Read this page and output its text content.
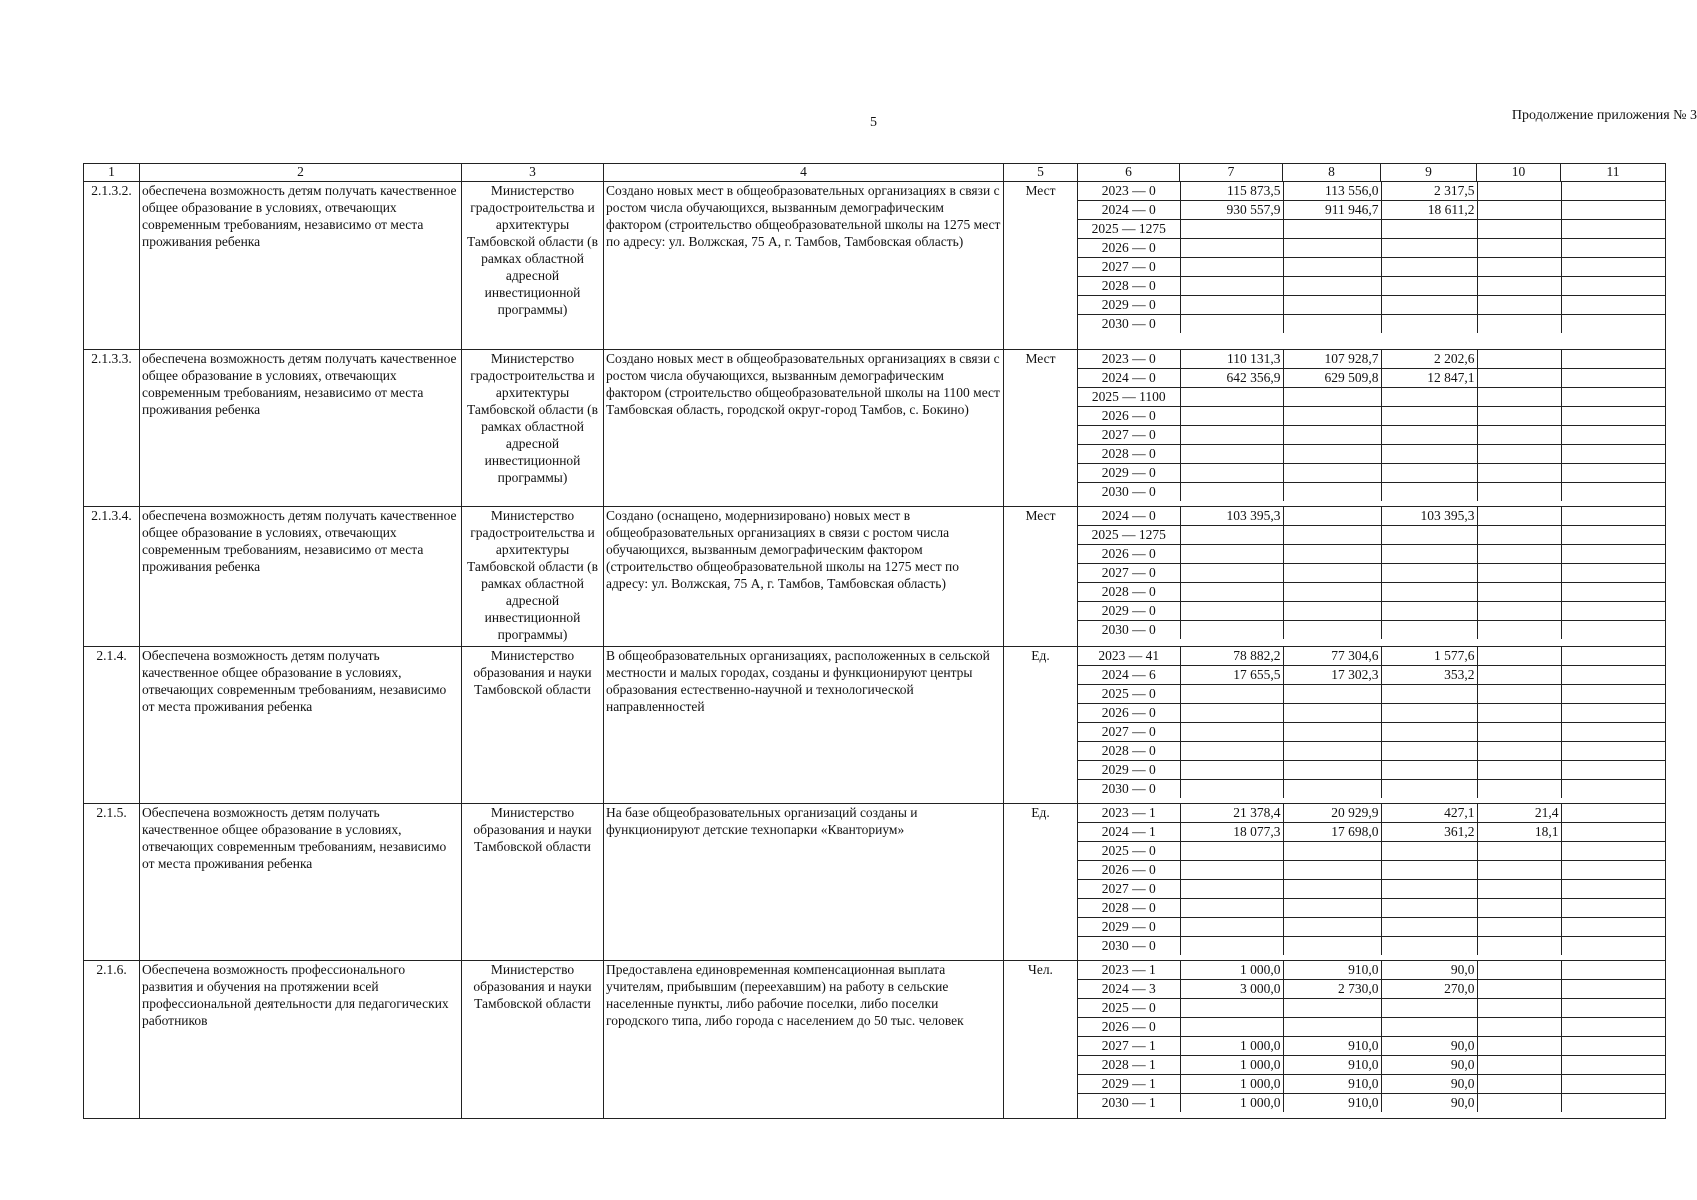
5	Продолжение приложения № 3
1	2	3	4	5	6	7	8	9	10	11
2.1.3.2.	обеспечена возможность детям получать качественное общее образование в условиях, отвечающих современным требованиям, независимо от места проживания ребенка	Министерство градостроительства и архитектуры Тамбовской области (в рамках областной адресной инвестиционной программы)	Создано новых мест в общеобразовательных организациях в связи с ростом числа обучающихся, вызванным демографическим фактором (строительство общеобразовательной школы на 1275 мест по адресу: ул. Волжская, 75 А, г. Тамбов, Тамбовская область)	Мест		2023 — 0	115 873,5	113 556,0	2 317,5		
2024 — 0	930 557,9	911 946,7	18 611,2		
2025 — 1275					
2026 — 0					
2027 — 0					
2028 — 0					
2029 — 0					
2030 — 0					

2.1.3.3.	обеспечена возможность детям получать качественное общее образование в условиях, отвечающих современным требованиям, независимо от места проживания ребенка	Министерство градостроительства и архитектуры Тамбовской области (в рамках областной адресной инвестиционной программы)	Создано новых мест в общеобразовательных организациях в связи с ростом числа обучающихся, вызванным демографическим фактором (строительство общеобразовательной школы на 1100 мест Тамбовская область, городской округ-город Тамбов, с. Бокино)	Мест		2023 — 0	110 131,3	107 928,7	2 202,6		
2024 — 0	642 356,9	629 509,8	12 847,1		
2025 — 1100					
2026 — 0					
2027 — 0					
2028 — 0					
2029 — 0					
2030 — 0					

2.1.3.4.	обеспечена возможность детям получать качественное общее образование в условиях, отвечающих современным требованиям, независимо от места проживания ребенка	Министерство градостроительства и архитектуры Тамбовской области (в рамках областной адресной инвестиционной программы)	Создано (оснащено, модернизировано) новых мест в общеобразовательных организациях в связи с ростом числа обучающихся, вызванным демографическим фактором (строительство общеобразовательной школы на 1275 мест по адресу: ул. Волжская, 75 А, г. Тамбов, Тамбовская область)	Мест		2024 — 0	103 395,3		103 395,3		
2025 — 1275					
2026 — 0					
2027 — 0					
2028 — 0					
2029 — 0					
2030 — 0					

2.1.4.	Обеспечена возможность детям получать качественное общее образование в условиях, отвечающих современным требованиям, независимо от места проживания ребенка	Министерство образования и науки Тамбовской области	В общеобразовательных организациях, расположенных в сельской местности и малых городах, созданы и функционируют центры образования естественно-научной и технологической направленностей	Ед.		2023 — 41	78 882,2	77 304,6	1 577,6		
2024 — 6	17 655,5	17 302,3	353,2		
2025 — 0					
2026 — 0					
2027 — 0					
2028 — 0					
2029 — 0					
2030 — 0					

2.1.5.	Обеспечена возможность детям получать качественное общее образование в условиях, отвечающих современным требованиям, независимо от места проживания ребенка	Министерство образования и науки Тамбовской области	На базе общеобразовательных организаций созданы и функционируют детские технопарки «Кванториум»	Ед.		2023 — 1	21 378,4	20 929,9	427,1	21,4	
2024 — 1	18 077,3	17 698,0	361,2	18,1	
2025 — 0					
2026 — 0					
2027 — 0					
2028 — 0					
2029 — 0					
2030 — 0					

2.1.6.	Обеспечена возможность профессионального развития и обучения на протяжении всей профессиональной деятельности для педагогических работников	Министерство образования и науки Тамбовской области	Предоставлена единовременная компенсационная выплата учителям, прибывшим (переехавшим) на работу в сельские населенные пункты, либо рабочие поселки, либо поселки городского типа, либо города с населением до 50 тыс. человек	Чел.		2023 — 1	1 000,0	910,0	90,0		
2024 — 3	3 000,0	2 730,0	270,0		
2025 — 0					
2026 — 0					
2027 — 1	1 000,0	910,0	90,0		
2028 — 1	1 000,0	910,0	90,0		
2029 — 1	1 000,0	910,0	90,0		
2030 — 1	1 000,0	910,0	90,0		
